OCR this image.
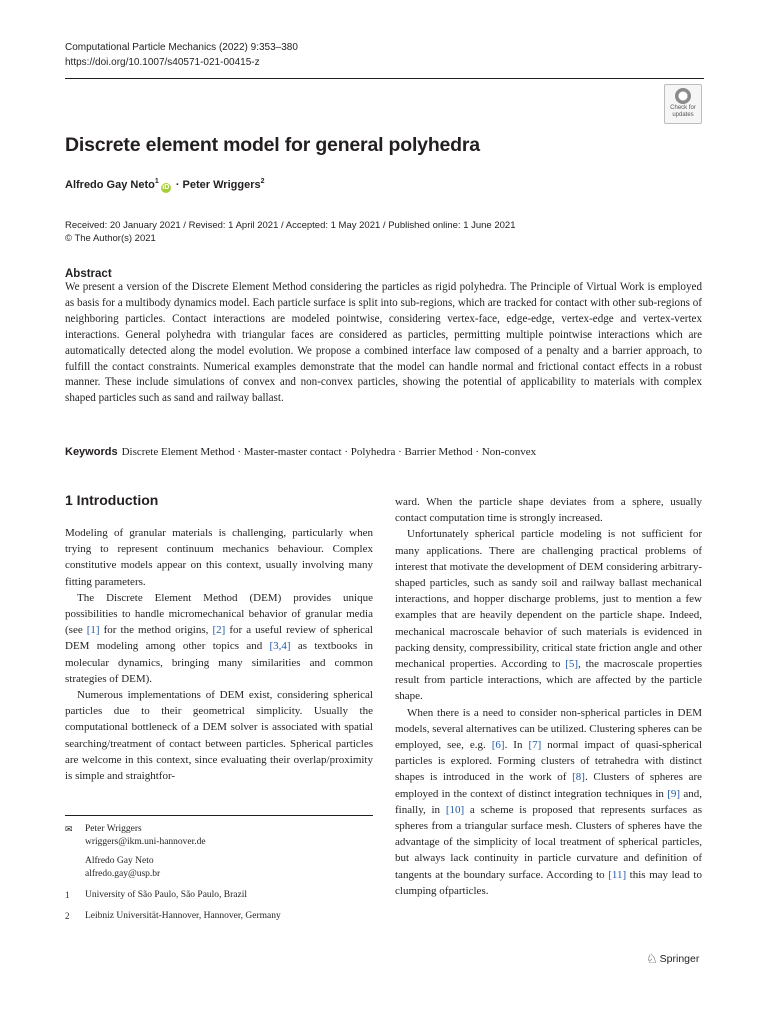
Computational Particle Mechanics (2022) 9:353–380
https://doi.org/10.1007/s40571-021-00415-z
Check for
updates
Discrete element model for general polyhedra
Alfredo Gay Neto$^1$iD · Peter Wriggers$^2$
Received: 20 January 2021 / Revised: 1 April 2021 / Accepted: 1 May 2021 / Published online: 1 June 2021
© The Author(s) 2021
Abstract
We present a version of the Discrete Element Method considering the particles as rigid polyhedra. The Principle of Virtual Work is employed as basis for a multibody dynamics model. Each particle surface is split into sub-regions, which are tracked for contact with other sub-regions of neighboring particles. Contact interactions are modeled pointwise, considering vertex-face, edge-edge, vertex-edge and vertex-vertex interactions. General polyhedra with triangular faces are considered as particles, permitting multiple pointwise interactions which are automatically detected along the model evolution. We propose a combined interface law composed of a penalty and a barrier approach, to fulfill the contact constraints. Numerical examples demonstrate that the model can handle normal and frictional contact effects in a robust manner. These include simulations of convex and non-convex particles, showing the potential of applicability to materials with complex shaped particles such as sand and railway ballast.
Keywords Discrete Element Method · Master-master contact · Polyhedra · Barrier Method · Non-convex
1 Introduction

Modeling of granular materials is challenging, particularly when trying to represent continuum mechanics behaviour. Complex constitutive models appear on this context, usually involving many fitting parameters.

The Discrete Element Method (DEM) provides unique possibilities to handle micromechanical behavior of granular media (see [1] for the method origins, [2] for a useful review of spherical DEM modeling among other topics and [3,4] as textbooks in molecular dynamics, bringing many similarities and common strategies of DEM).

Numerous implementations of DEM exist, considering spherical particles due to their geometrical simplicity. Usually the computational bottleneck of a DEM solver is associated with spatial searching/treatment of contact between particles. Spherical particles are welcome in this context, since evaluating their overlap/proximity is simple and straightfor-

ward. When the particle shape deviates from a sphere, usually contact computation time is strongly increased.

Unfortunately spherical particle modeling is not sufficient for many applications. There are challenging practical problems of interest that motivate the development of DEM considering arbitrary-shaped particles, such as sandy soil and railway ballast mechanical interactions, and hopper discharge problems, just to mention a few examples that are heavily dependent on the particle shape. Indeed, mechanical macroscale behavior of such materials is evidenced in packing density, compressibility, critical state friction angle and other mechanical properties. According to [5], the macroscale properties result from particle interactions, which are affected by the particle shape.

When there is a need to consider non-spherical particles in DEM models, several alternatives can be utilized. Clustering spheres can be employed, see, e.g. [6]. In [7] normal impact of quasi-spherical particles is explored. Forming clusters of tetrahedra with distinct shapes is introduced in the work of [8]. Clusters of spheres are employed in the context of distinct integration techniques in [9] and, finally, in [10] a scheme is proposed that represents surfaces as spheres from a triangular surface mesh. Clusters of spheres have the advantage of the simplicity of local treatment of spherical particles, but always lack continuity in particle curvature and definition of tangents at the boundary surface. According to [11] this may lead to clumping ofparticles.

✉ Peter Wriggers
wriggers@ikm.uni-hannover.de
Alfredo Gay Neto
alfredo.gay@usp.br
1 University of São Paulo, São Paulo, Brazil
2 Leibniz Universität-Hannover, Hannover, Germany
♘ Springer
